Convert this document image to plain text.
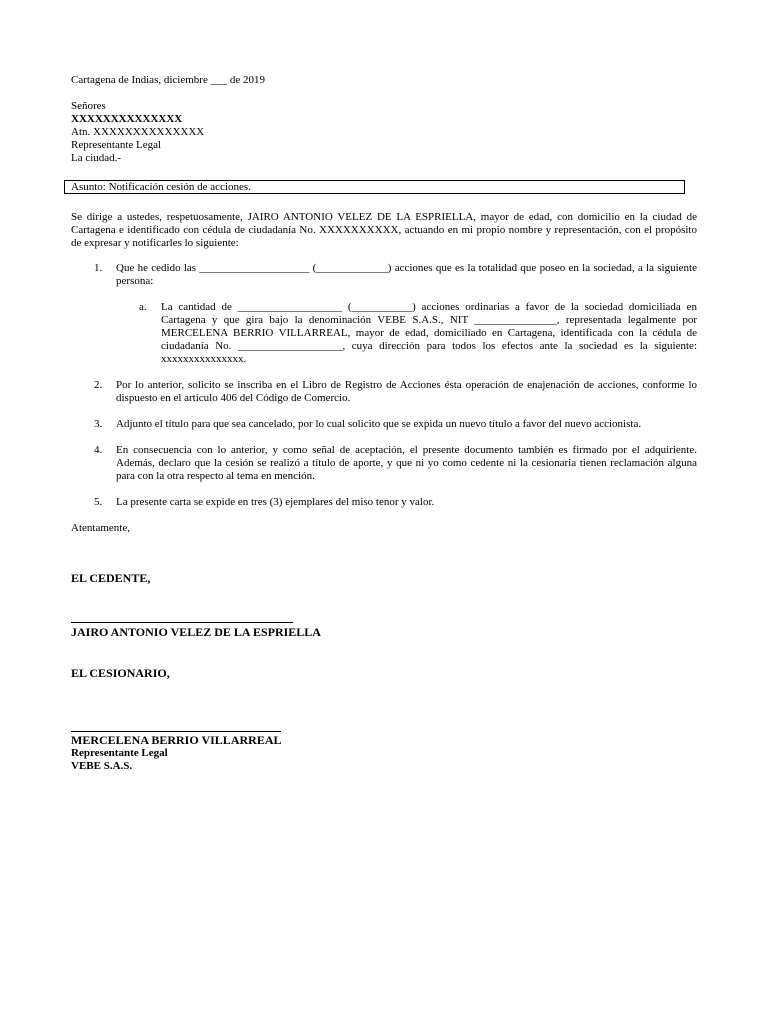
Cartagena de Indias, diciembre ___ de 2019
Señores
XXXXXXXXXXXXXX
Atn. XXXXXXXXXXXXXX
Representante Legal
La ciudad.-
Asunto: Notificación cesión de acciones.

Se dirige a ustedes, respetuosamente, JAIRO ANTONIO VELEZ DE LA ESPRIELLA, mayor de edad, con domicilio en la ciudad de Cartagena e identificado con cédula de ciudadanía No. XXXXXXXXXX, actuando en mi propio nombre y representación, con el propósito de expresar y notificarles lo siguiente:

1. Que he cedido las ____________________ (_____________) acciones que es la totalidad que poseo en la sociedad, a la siguiente persona:
a. La cantidad de ___________________ (___________) acciones ordinarias a favor de la sociedad domiciliada en Cartagena y que gira bajo la denominación VEBE S.A.S., NIT _______________, representada legalmente por MERCELENA BERRIO VILLARREAL, mayor de edad, domiciliado en Cartagena, identificada con la cédula de ciudadanía No. ___________________, cuya dirección para todos los efectos ante la sociedad es la siguiente: xxxxxxxxxxxxxxx.
2. Por lo anterior, solicito se inscriba en el Libro de Registro de Acciones ésta operación de enajenación de acciones, conforme lo dispuesto en el artículo 406 del Código de Comercio.
3. Adjunto el título para que sea cancelado, por lo cual solicito que se expida un nuevo título a favor del nuevo accionista.
4. En consecuencia con lo anterior, y como señal de aceptación, el presente documento también es firmado por el adquiriente. Además, declaro que la cesión se realizó a título de aporte, y que ni yo como cedente ni la cesionaria tienen reclamación alguna para con la otra respecto al tema en mención.
5. La presente carta se expide en tres (3) ejemplares del miso tenor y valor.
Atentamente,
EL CEDENTE,
JAIRO ANTONIO VELEZ DE LA ESPRIELLA
EL CESIONARIO,
MERCELENA BERRIO VILLARREAL
Representante Legal
VEBE S.A.S.
